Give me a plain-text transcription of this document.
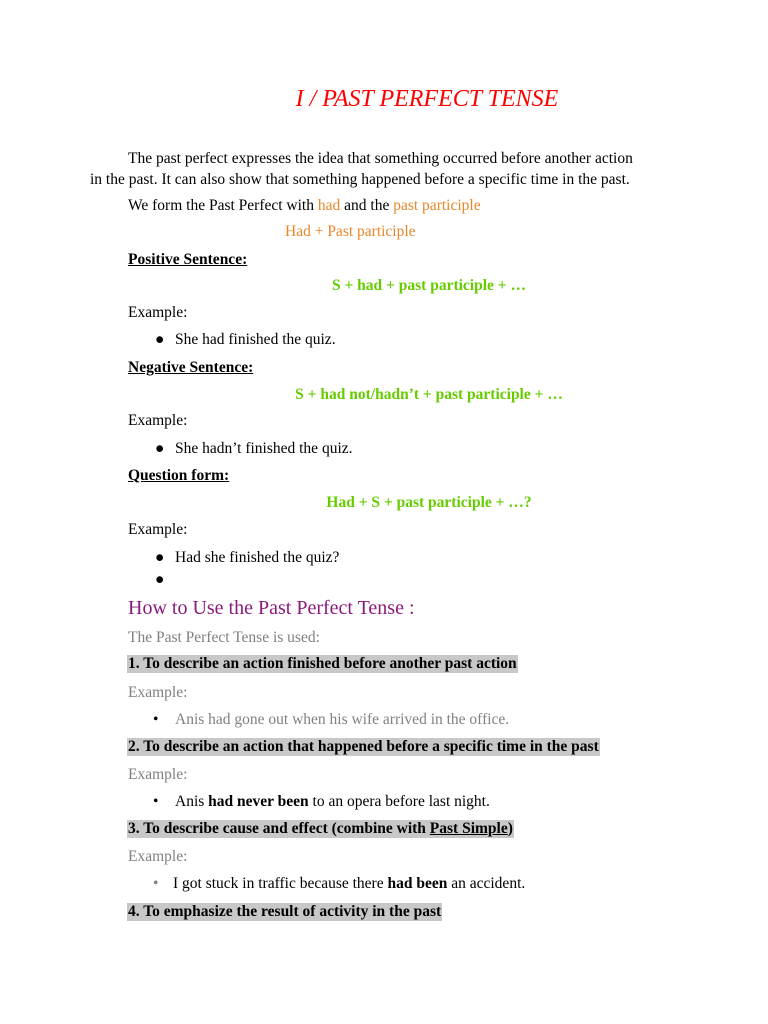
I / PAST PERFECT TENSE
The past perfect expresses the idea that something occurred before another action
in the past. It can also show that something happened before a specific time in the past.
We form the Past Perfect with had and the past participle
Had + Past participle
Positive Sentence:
S + had + past participle + …
Example:
● She had finished the quiz.
Negative Sentence:
S + had not/hadn’t + past participle + …
Example:
● She hadn’t finished the quiz.
Question form:
Had + S + past participle + …?
Example:
● Had she finished the quiz?
●
How to Use the Past Perfect Tense :
The Past Perfect Tense is used:
1. To describe an action finished before another past action
Example:
• Anis had gone out when his wife arrived in the office.
2. To describe an action that happened before a specific time in the past
Example:
• Anis had never been to an opera before last night.
3. To describe cause and effect (combine with Past Simple)
Example:
• I got stuck in traffic because there had been an accident.
4. To emphasize the result of activity in the past
